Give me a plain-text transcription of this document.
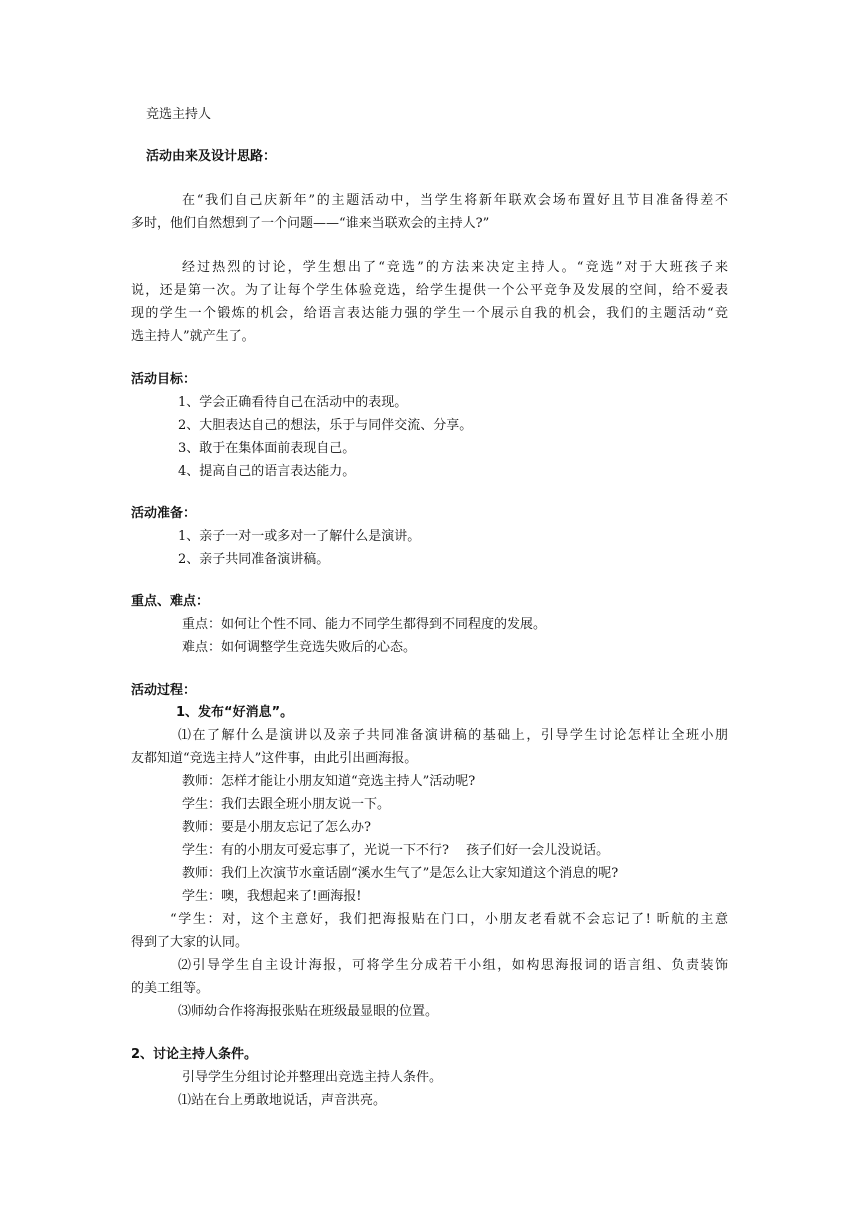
竞选主持人
活动由来及设计思路：
在“我们自己庆新年”的主题活动中，当学生将新年联欢会场布置好且节目准备得差不
多时，他们自然想到了一个问题——“谁来当联欢会的主持人?”
经过热烈的讨论，学生想出了“竞选”的方法来决定主持人。“竞选”对于大班孩子来
说，还是第一次。为了让每个学生体验竞选，给学生提供一个公平竞争及发展的空间，给不爱表
现的学生一个锻炼的机会，给语言表达能力强的学生一个展示自我的机会，我们的主题活动“竞
选主持人”就产生了。
活动目标：
1、学会正确看待自己在活动中的表现。
2、大胆表达自己的想法，乐于与同伴交流、分享。
3、敢于在集体面前表现自己。
4、提高自己的语言表达能力。
活动准备：
1、亲子一对一或多对一了解什么是演讲。
2、亲子共同准备演讲稿。
重点、难点：
重点：如何让个性不同、能力不同学生都得到不同程度的发展。
难点：如何调整学生竞选失败后的心态。
活动过程：
1、发布“好消息”。
⑴在了解什么是演讲以及亲子共同准备演讲稿的基础上，引导学生讨论怎样让全班小朋
友都知道“竞选主持人”这件事，由此引出画海报。
教师：怎样才能让小朋友知道“竞选主持人”活动呢?
学生：我们去跟全班小朋友说一下。
教师：要是小朋友忘记了怎么办?
学生：有的小朋友可爱忘事了，光说一下不行?　 孩子们好一会儿没说话。
教师：我们上次演节水童话剧“溪水生气了”是怎么让大家知道这个消息的呢?
学生：噢，我想起来了!画海报!
“学生：对，这个主意好，我们把海报贴在门口，小朋友老看就不会忘记了! 昕航的主意
得到了大家的认同。
⑵引导学生自主设计海报，可将学生分成若干小组，如构思海报词的语言组、负责装饰
的美工组等。
⑶师幼合作将海报张贴在班级最显眼的位置。
2、讨论主持人条件。
引导学生分组讨论并整理出竞选主持人条件。
⑴站在台上勇敢地说话，声音洪亮。
